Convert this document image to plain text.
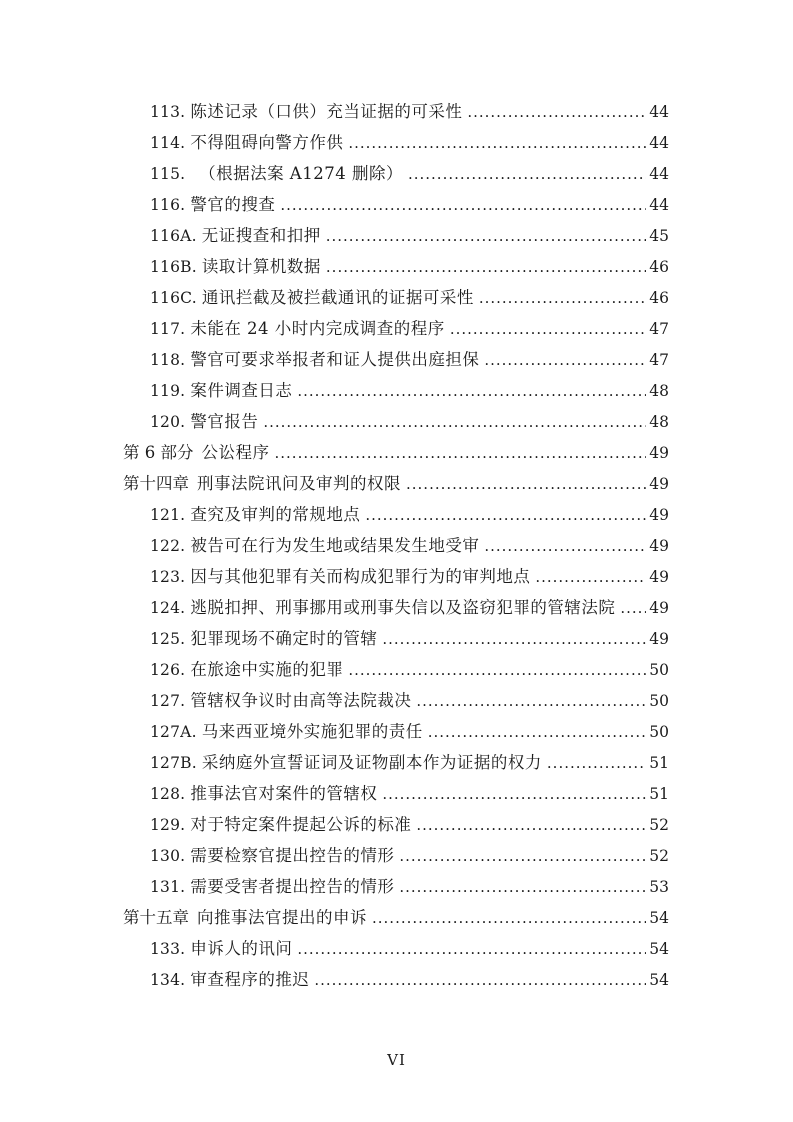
113. 陈述记录（口供）充当证据的可采性 .....	44
114. 不得阻碍向警方作供 .....	44
115. 　（根据法案 A1274 删除） .....	44
116. 警官的搜查 .....	44
116A. 无证搜查和扣押 .....	45
116B. 读取计算机数据 .....	46
116C. 通讯拦截及被拦截通讯的证据可采性 .....	46
117. 未能在 24 小时内完成调查的程序 .....	47
118. 警官可要求举报者和证人提供出庭担保 .....	47
119. 案件调查日志 .....	48
120. 警官报告 .....	48
第 6 部分 公讼程序 .....	49
第十四章 刑事法院讯问及审判的权限 .....	49
121. 查究及审判的常规地点 .....	49
122. 被告可在行为发生地或结果发生地受审 .....	49
123. 因与其他犯罪有关而构成犯罪行为的审判地点 .....	49
124. 逃脱扣押、刑事挪用或刑事失信以及盗窃犯罪的管辖法院 ..... 49
125. 犯罪现场不确定时的管辖 .....	49
126. 在旅途中实施的犯罪 .....	50
127. 管辖权争议时由高等法院裁决 .....	50
127A. 马来西亚境外实施犯罪的责任 .....	50
127B. 采纳庭外宣誓证词及证物副本作为证据的权力 .....	51
128. 推事法官对案件的管辖权 .....	51
129. 对于特定案件提起公诉的标准 .....	52
130. 需要检察官提出控告的情形 .....	52
131. 需要受害者提出控告的情形 .....	53
第十五章 向推事法官提出的申诉 .....	54
133. 申诉人的讯问 .....	54
134. 审查程序的推迟 .....	54
VI
